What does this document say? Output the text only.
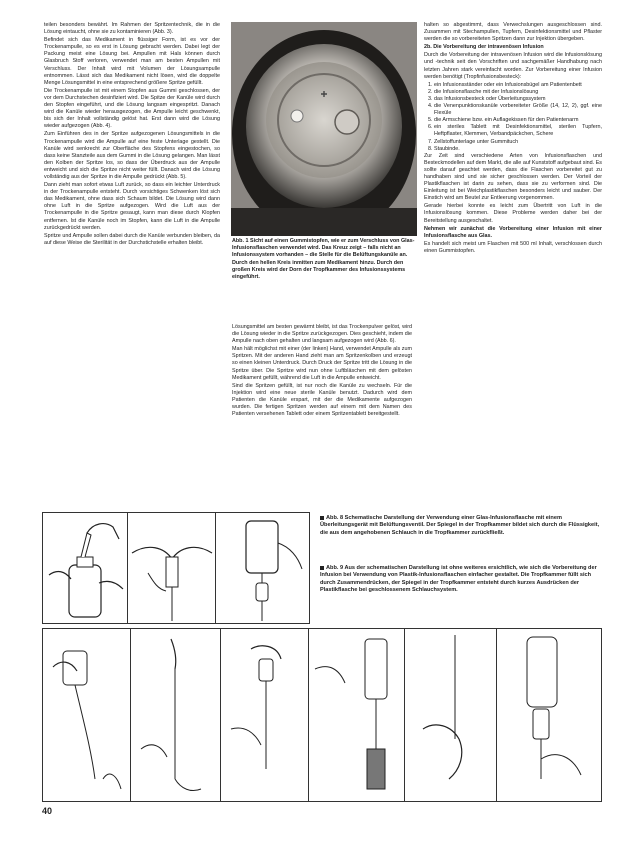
teilen besonders bewährt. Im Rahmen der Spritzentechnik, die in die Lösung eintaucht, ohne sie zu kontaminieren (Abb. 3).

Befindet sich das Medikament in flüssiger Form, ist es vor der Trockenampulle, so es erst in Lösung gebracht werden. Dabei legt der Packung meist eine Lösung bei. Ampullen mit Hals können durch Glasbruch Stoff verloren, verwendet man am besten Ampullen mit Verschluss. Der Inhalt wird mit Volumen der Lösungsampulle entnommen. Lässt sich das Medikament nicht lösen, wird die doppelte Menge Lösungsmittel in eine entsprechend größere Spritze gefüllt.

Die Trockenampulle ist mit einem Stopfen aus Gummi geschlossen, der vor dem Durchstechen desinfiziert wird. Die Spitze der Kanüle wird durch den Stopfen eingeführt, und die Lösung langsam eingespritzt. Danach wird die Kanüle wieder herausgezogen, die Ampulle leicht geschwenkt, bis sich der Inhalt vollständig gelöst hat. Erst dann wird die Lösung wieder aufgezogen (Abb. 4).

Zum Einführen des in der Spritze aufgezogenen Lösungsmittels in die Trockenampulle wird die Ampulle auf eine feste Unterlage gestellt. Die Kanüle wird senkrecht zur Oberfläche des Stopfens eingestochen, so dass keine Stanzteile aus dem Gummi in die Lösung gelangen. Man lässt den Kolben der Spritze los, so dass der Überdruck aus der Ampulle entweicht und sich die Spritze nicht weiter füllt. Danach wird die Lösung vollständig aus der Spritze in die Ampulle gedrückt (Abb. 5).

Dann zieht man sofort etwas Luft zurück, so dass ein leichter Unterdruck in der Trockenampulle entsteht. Durch vorsichtiges Schwenken löst sich das Medikament, ohne dass sich Schaum bildet. Die Lösung wird dann ohne Luft in die Spritze aufgezogen. Wird die Luft aus der Trockenampulle in die Spritze gesaugt, kann man diese durch Klopfen entfernen. Ist die Kanüle noch im Stopfen, kann die Luft in die Ampulle zurückgedrückt werden.

Spritze und Ampulle sollen dabei durch die Kanüle verbunden bleiben, da auf diese Weise die Sterilität in der Durchstichstelle erhalten bleibt.	Abb. 1 Sicht auf einen Gummistopfen, wie er zum Verschluss von Glas-Infusionsflaschen verwendet wird. Das Kreuz zeigt – falls nicht an Infusionssystem vorhanden – die Stelle für die Belüftungskanüle an. Durch den hellen Kreis inmitten zum Medikament hinzu. Durch den großen Kreis wird der Dorn der Tropfkammer des Infusionssystems eingeführt.

Lösungsmittel am besten gewärmt bleibt, ist das Trockenpulver gelöst, wird die Lösung wieder in die Spritze zurückgezogen. Dies geschieht, indem die Ampulle nach oben gehalten und langsam aufgezogen wird (Abb. 6).

Man hält möglichst mit einer (der linken) Hand, verwendet Ampulle als zum Spritzen. Mit der anderen Hand zieht man am Spritzenkolben und erzeugt so einen kleinen Unterdruck. Durch Druck der Spritze tritt die Lösung in die Spritze über. Die Spritze wird nun ohne Luftbläschen mit dem gelösten Medikament gefüllt, während die Luft in die Ampulle entweicht.

Sind die Spritzen gefüllt, ist nur noch die Kanüle zu wechseln. Für die Injektion wird eine neue sterile Kanüle benutzt. Dadurch wird dem Patienten die Kanüle erspart, mit der die Medikamente aufgezogen wurden. Die fertigen Spritzen werden auf einem mit dem Namen des Patienten versehenen Tablett oder einem Spritzentablett bereitgestellt.

halten so abgestimmt, dass Verwechslungen ausgeschlossen sind. Zusammen mit Stechampullen, Tupfern, Desinfektionsmittel und Pflaster werden die so vorbereiteten Spritzen dann zur Injektion übergeben.

2b. Die Vorbereitung der intravenösen Infusion

Durch die Vorbereitung der intravenösen Infusion wird die Infusionslösung und -technik seit den Vorschriften und sachgemäßer Handhabung nach letzten Jahren stark vereinfacht worden. Zur Vorbereitung einer Infusion werden benötigt (Tropfinfusionsbesteck):

1. ein Infusionsständer oder ein Infusionsbügel am Patientenbett
2. die Infusionsflasche mit der Infusionslösung
3. das Infusionsbesteck oder Überleitungssystem
4. die Venenpunktionskanüle vorbereiteter Größe (14, 12, 2), ggf. eine Flexüle
5. die Armschiene bzw. ein Auflagekissen für den Patientenarm
6. ein steriles Tablett mit Desinfektionsmittel, sterilen Tupfern, Heftpflaster, Klemmen, Verbandpäckchen, Schere
7. Zellstoffunterlage unter Gummituch
8. Staubinde.

Zur Zeit sind verschiedene Arten von Infusionsflaschen und Besteckmodellen auf dem Markt, die alle auf Kunststoff aufgebaut sind. Es sollte darauf geachtet werden, dass die Flaschen vorbereitet gut zu handhaben sind und sie sicher geschlossen werden. Der Vorteil der Plastikflaschen ist darin zu sehen, dass sie zu verformen sind. Die Einleitung ist bei Weichplastikflaschen besonders leicht und sauber. Der Einstich wird am Beutel zur Entleerung vorgenommen.

Gerade hierbei konnte es leicht zum Übertritt von Luft in die Infusionslösung kommen. Diese Probleme werden daher bei der Bereitstellung ausgeschaltet.

Nehmen wir zunächst die Vorbereitung einer Infusion mit einer Infusionsflasche aus Glas.

Es handelt sich meist um Flaschen mit 500 ml Inhalt, verschlossen durch einen Gummistopfen.

Abb. 8 Schematische Darstellung der Verwendung einer Glas-Infusionsflasche mit einem Überleitungsgerät mit Belüftungsventil. Der Spiegel in der Tropfkammer bildet sich durch die Flüssigkeit, die aus dem angehobenen Schlauch in die Tropfkammer zurückfließt.
Abb. 9 Aus der schematischen Darstellung ist ohne weiteres ersichtlich, wie sich die Vorbereitung der Infusion bei Verwendung von Plastik-Infusionsflaschen einfacher gestaltet. Die Tropfkammer füllt sich durch Zusammendrücken, der Spiegel in der Tropfkammer entsteht durch kurzes Ausdrücken der Plastikflasche bei geschlossenem Schlauchsystem.
40
